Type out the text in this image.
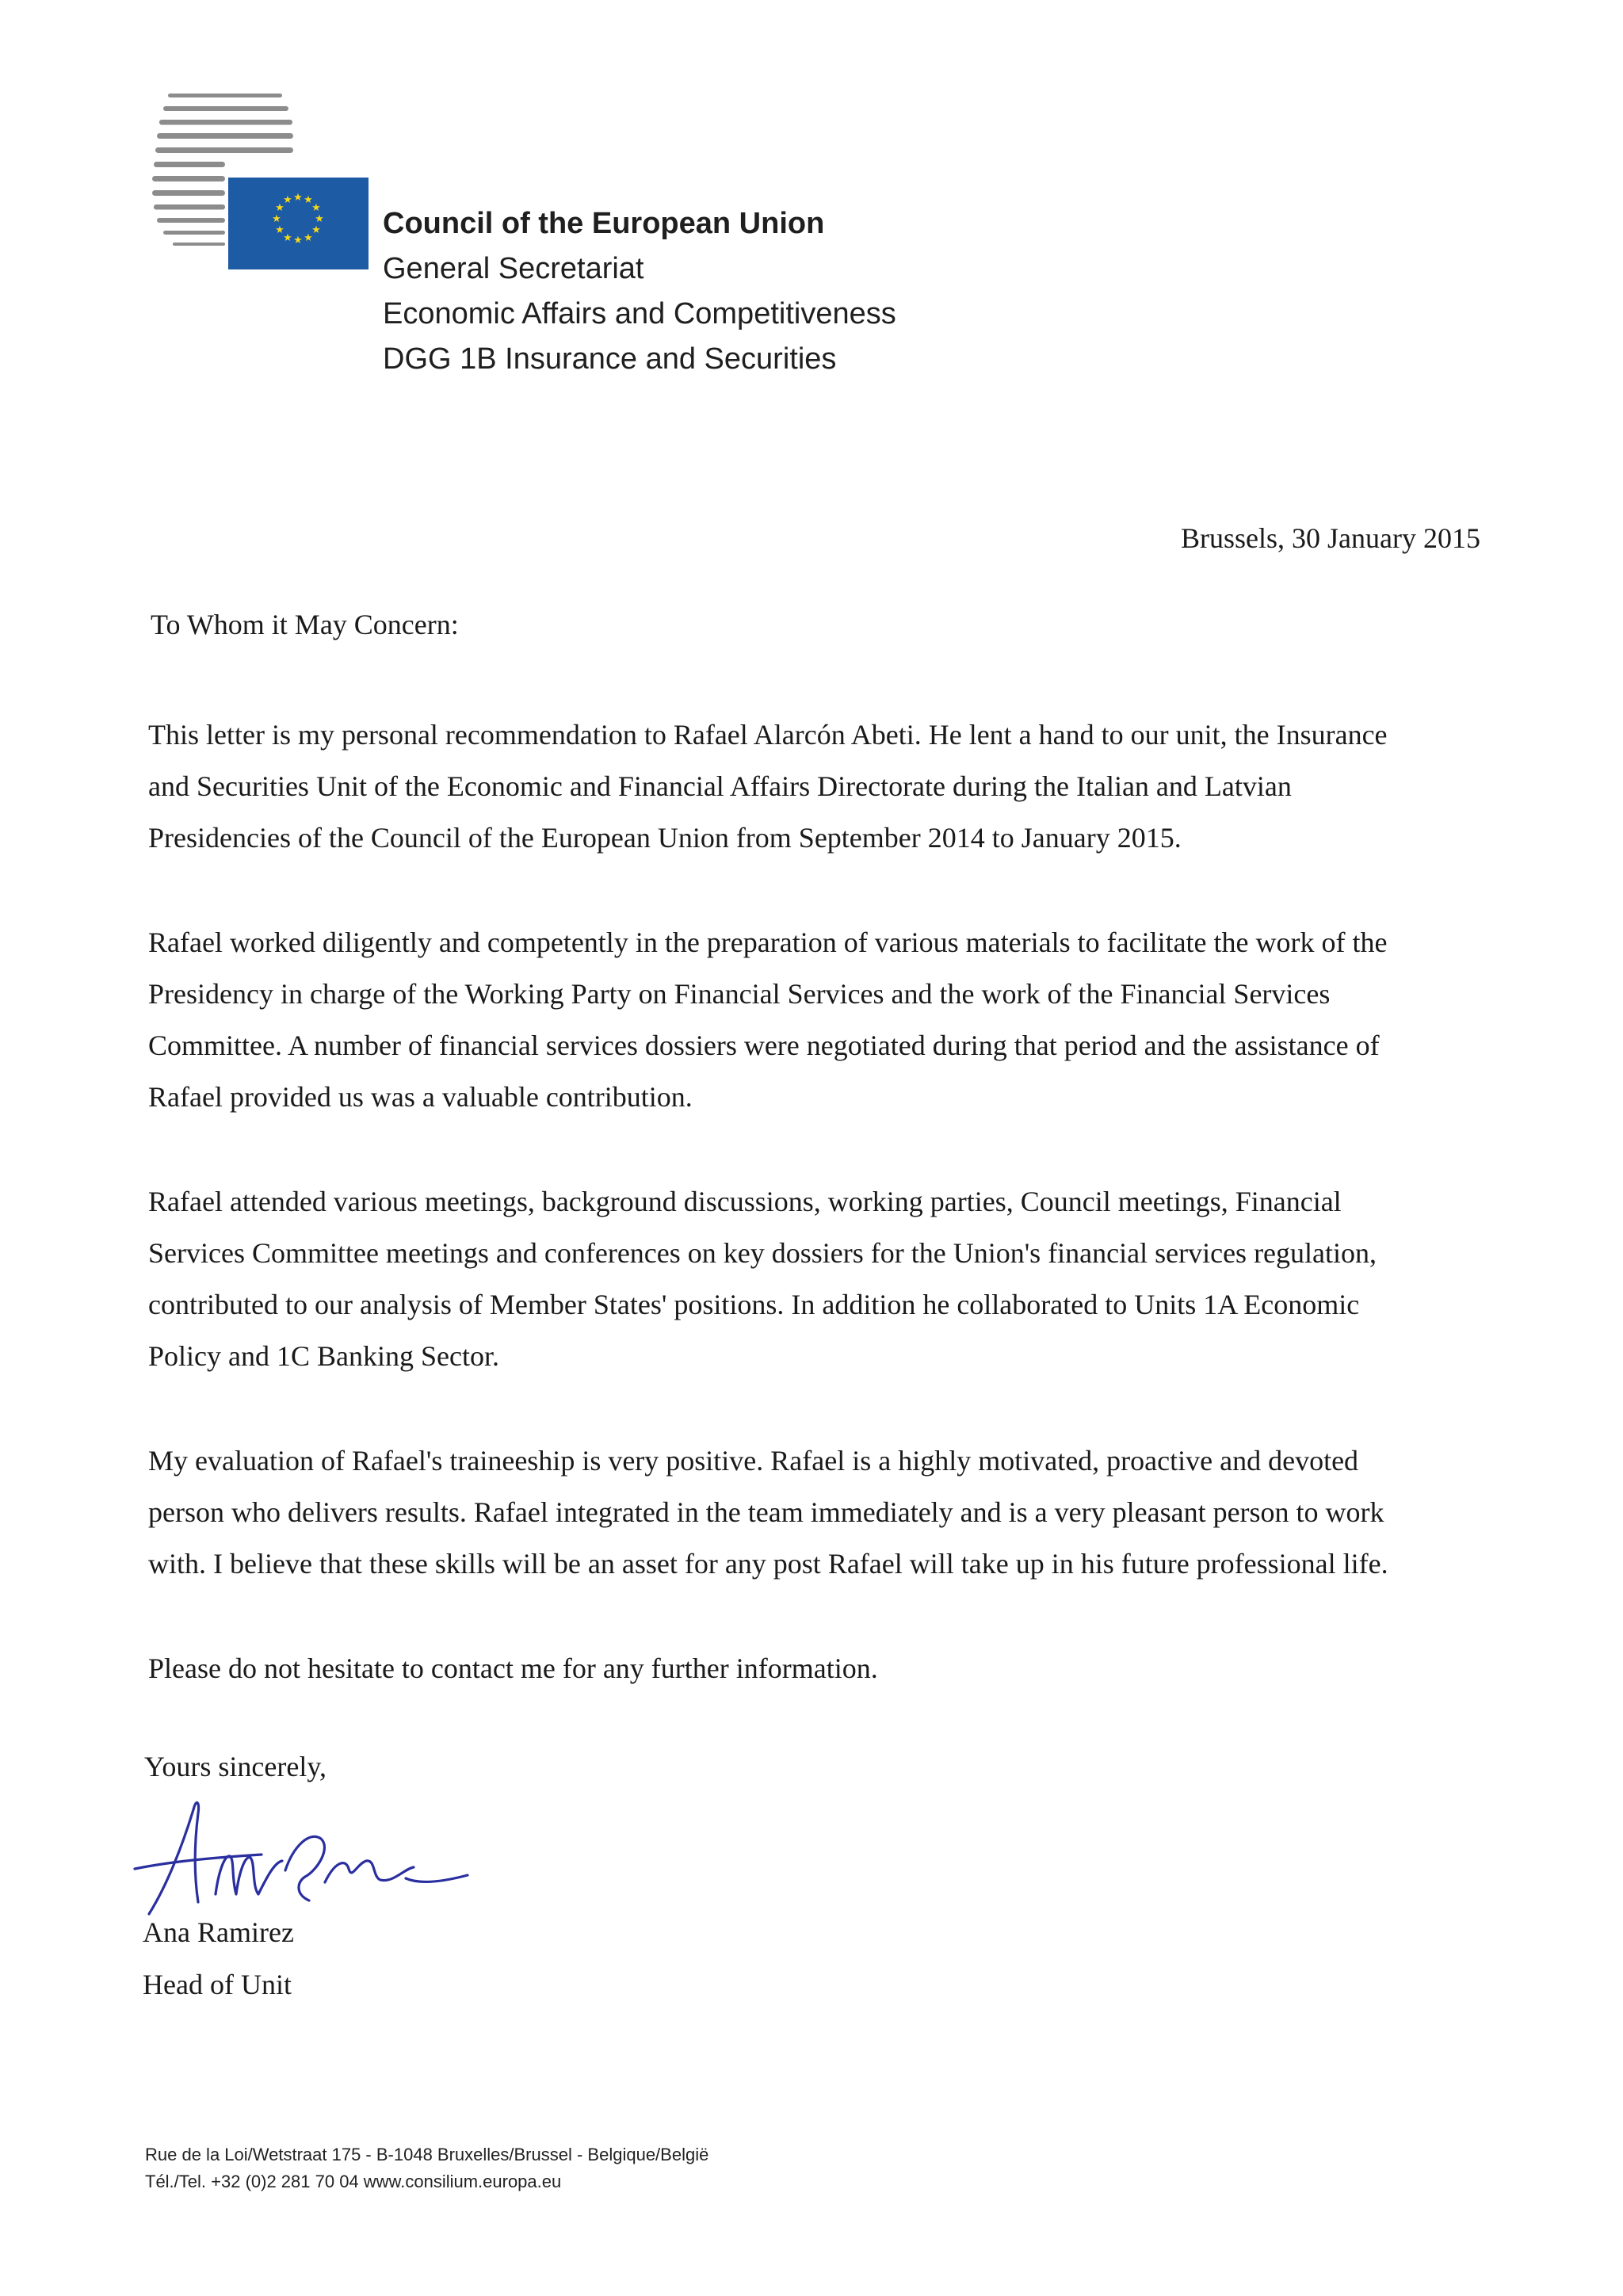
★ ★
★
★
★
★
★
★
★
★
★
★
Council of the European Union
General Secretariat
Economic Affairs and Competitiveness
DGG 1B Insurance and Securities
Brussels, 30 January 2015
To Whom it May Concern:

This letter is my personal recommendation to Rafael Alarcón Abeti. He lent a hand to our unit, the Insurance

and Securities Unit of the Economic and Financial Affairs Directorate during the Italian and Latvian

Presidencies of the Council of the European Union from September 2014 to January 2015.

Rafael worked diligently and competently in the preparation of various materials to facilitate the work of the

Presidency in charge of the Working Party on Financial Services and the work of the Financial Services

Committee. A number of financial services dossiers were negotiated during that period and the assistance of

Rafael provided us was a valuable contribution.

Rafael attended various meetings, background discussions, working parties, Council meetings, Financial

Services Committee meetings and conferences on key dossiers for the Union's financial services regulation,

contributed to our analysis of Member States' positions. In addition he collaborated to Units 1A Economic

Policy and 1C Banking Sector.

My evaluation of Rafael's traineeship is very positive. Rafael is a highly motivated, proactive and devoted

person who delivers results. Rafael integrated in the team immediately and is a very pleasant person to work

with. I believe that these skills will be an asset for any post Rafael will take up in his future professional life.

Please do not hesitate to contact me for any further information.

Yours sincerely,
Ana Ramirez
Head of Unit
Rue de la Loi/Wetstraat 175 - B-1048 Bruxelles/Brussel - Belgique/België
Tél./Tel. +32 (0)2 281 70 04 www.consilium.europa.eu
